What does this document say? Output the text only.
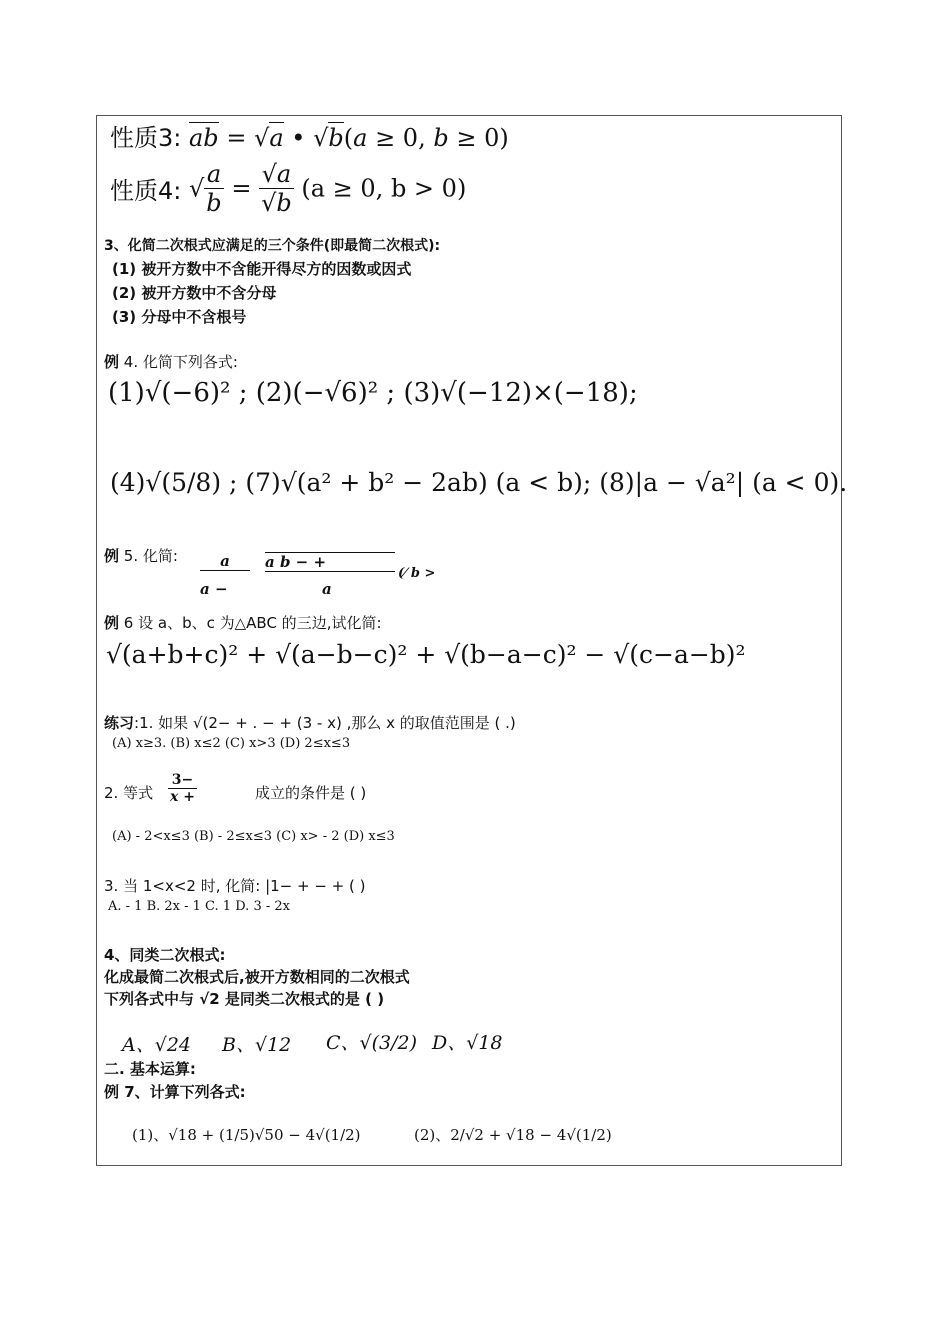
性质3: ab = √a • √b(a ≥ 0, b ≥ 0)
性质4: √ $\frac{a}{b} = \frac{√a}{√b} (a \ge 0$, b > 0)
3、化简二次根式应满足的三个条件(即最简二次根式):
(1) 被开方数中不含能开得尽方的因数或因式
(2) 被开方数中不含分母
(3) 分母中不含根号
例 4. 化简下列各式:
(1)√(−6)² ; (2)(−√6)² ; (3)√(−12)×(−18);
(4)√(5/8) ; (7)√(a² + b² − 2ab) (a < b); (8)|a − √a²| (a < 0).
例 5. 化简:	a
a −
a b − +
a
(⁄ b >
例 6 设 a、b、c 为△ABC 的三边,试化简:
√(a+b+c)² + √(a−b−c)² + √(b−a−c)² − √(c−a−b)²
练习:1. 如果 √(2− + . − + (3 - x) ,那么 x 的取值范围是 ( .)
(A) x≥3. (B) x≤2 (C) x>3 (D) 2≤x≤3
2. 等式 $\frac{3-}{x +}$	成立的条件是 ( )
(A) - 2<x≤3 (B) - 2≤x≤3 (C) x> - 2 (D) x≤3
3. 当 1<x<2 时, 化简: |1− + − + ( )
A. - 1 B. 2x - 1 C. 1 D. 3 - 2x
4、同类二次根式:
化成最简二次根式后,被开方数相同的二次根式
下列各式中与 √2 是同类二次根式的是 ( )
A、√24 B、√12 C、√(3/2) D、√18
二. 基本运算:
例 7、计算下列各式:
(1)、√18 + (1/5)√50 − 4√(1/2)	(2)、2/√2 + √18 − 4√(1/2)
